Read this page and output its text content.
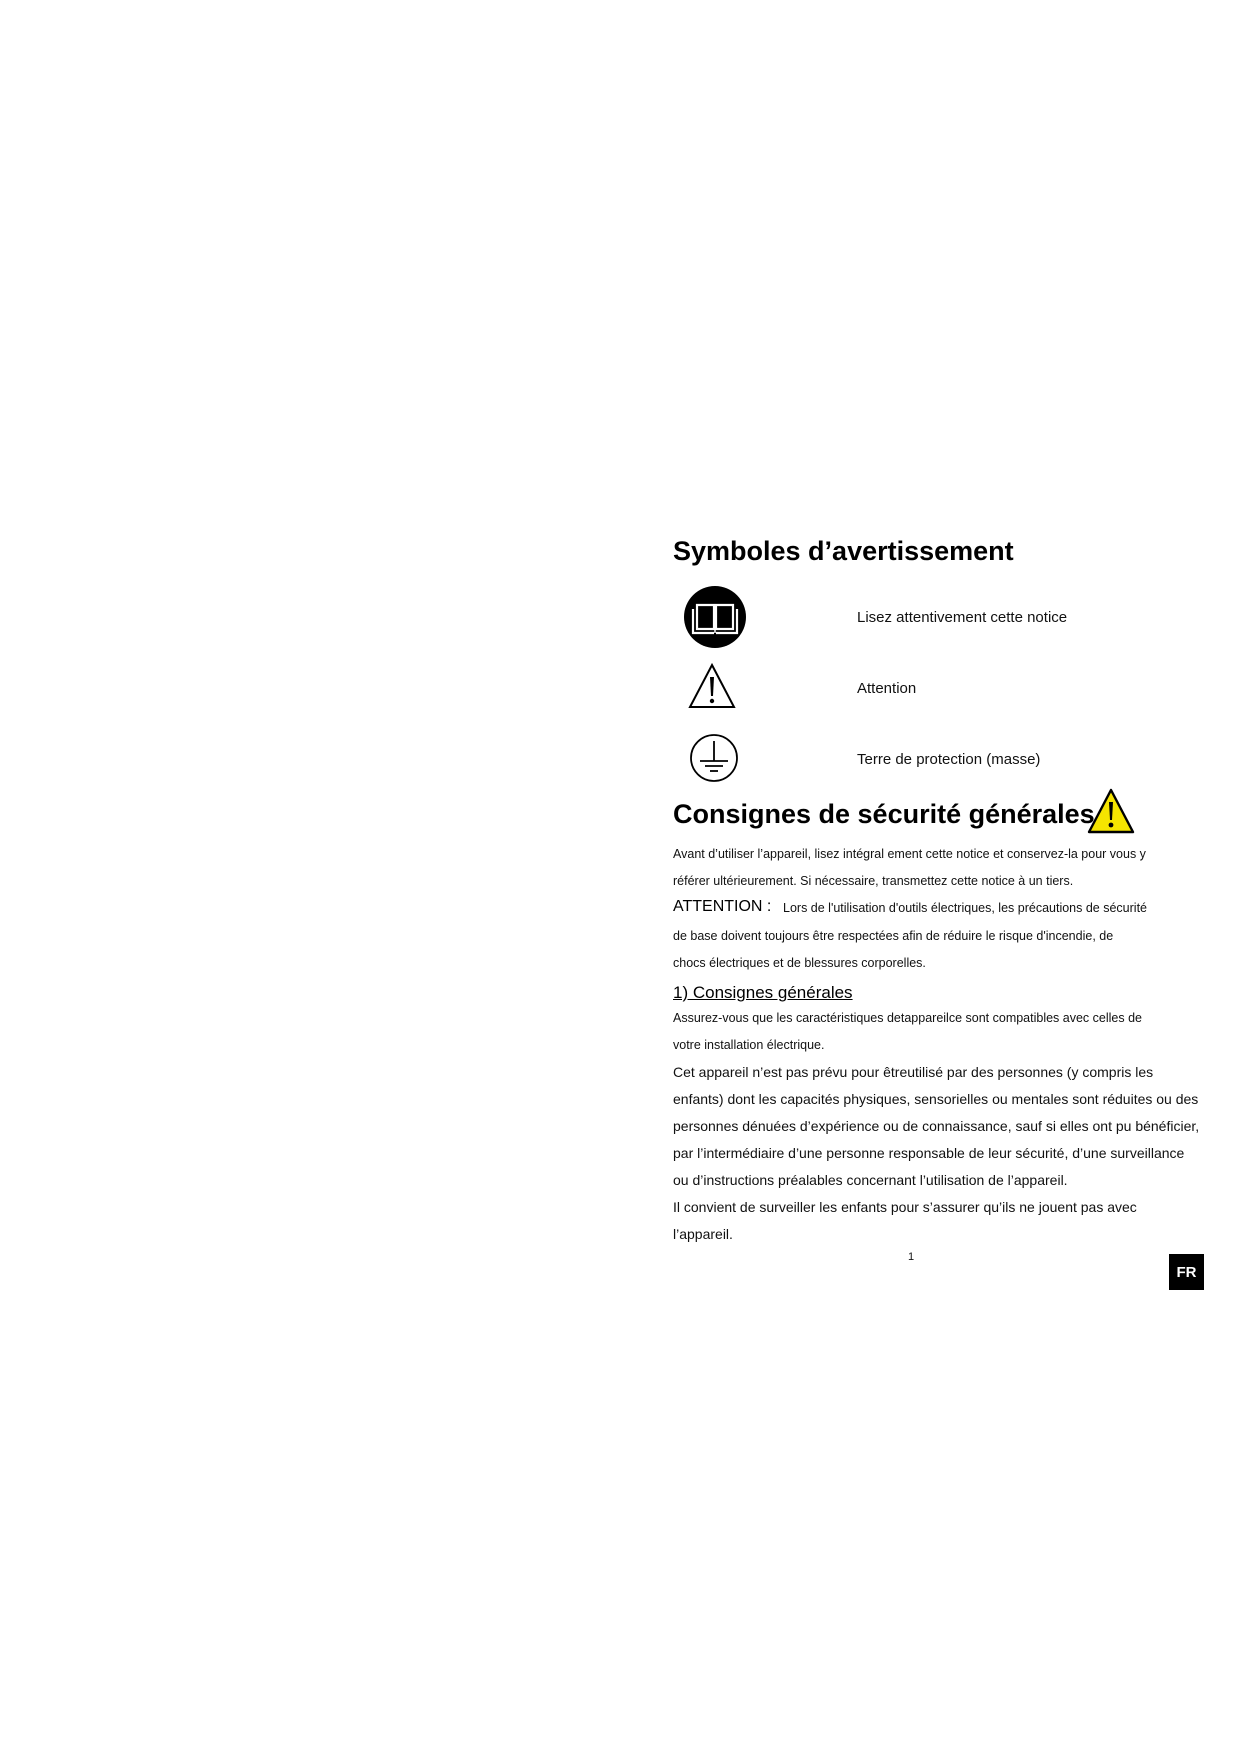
Symboles d’avertissement
Lisez attentivement cette notice
Attention
Terre de protection (masse)
Consignes de sécurité générales
Avant d’utiliser l’appareil, lisez intégral ement cette notice et conservez-la pour vous y
référer ultérieurement. Si nécessaire, transmettez cette notice à un tiers.
ATTENTION : Lors de l'utilisation d'outils électriques, les précautions de sécurité
de base doivent toujours être respectées afin de réduire le risque d'incendie, de
chocs électriques et de blessures corporelles.
1) Consignes générales
Assurez-vous que les caractéristiques detappareilce sont compatibles avec celles de
votre installation électrique.
Cet appareil n’est pas prévu pour êtreutilisé par des personnes (y compris les
enfants) dont les capacités physiques, sensorielles ou mentales sont réduites ou des
personnes dénuées d’expérience ou de connaissance, sauf si elles ont pu bénéficier,
par l’intermédiaire d’une personne responsable de leur sécurité, d’une surveillance
ou d’instructions préalables concernant l’utilisation de l’appareil.
Il convient de surveiller les enfants pour s’assurer qu’ils ne jouent pas avec
l’appareil.
1
FR
